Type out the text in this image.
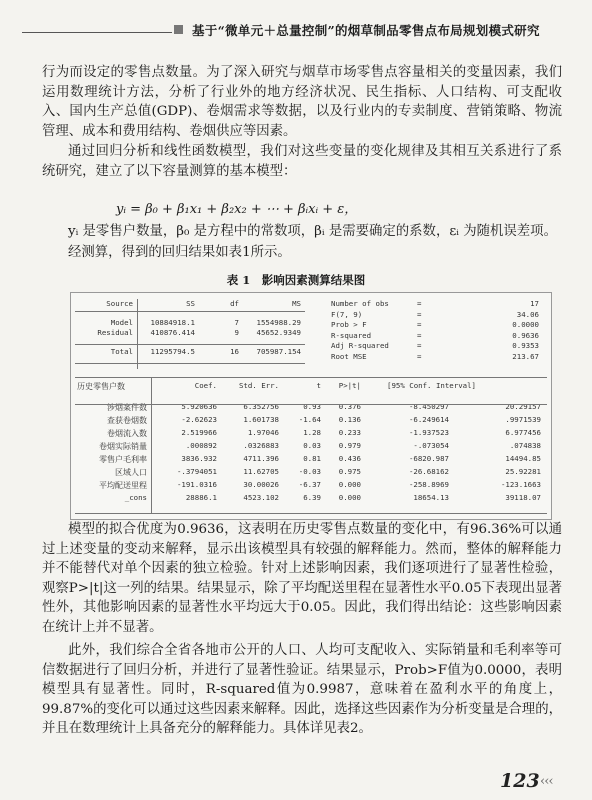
基于“微单元＋总量控制”的烟草制品零售点布局规划模式研究

行为而设定的零售点数量。为了深入研究与烟草市场零售点容量相关的变量因素，我们运用数理统计方法，分析了行业外的地方经济状况、民生指标、人口结构、可支配收入、国内生产总值(GDP)、卷烟需求等数据，以及行业内的专卖制度、营销策略、物流管理、成本和费用结构、卷烟供应等因素。

通过回归分析和线性函数模型，我们对这些变量的变化规律及其相互关系进行了系统研究，建立了以下容量测算的基本模型：

yᵢ = β₀ + β₁x₁ + β₂x₂ + ⋯ + βᵢxᵢ + ε，

yᵢ 是零售户数量，β₀ 是方程中的常数项，βᵢ 是需要确定的系数，εᵢ 为随机误差项。

经测算，得到的回归结果如表1所示。

表 1　影响因素测算结果图
Source	SS	df	MS
Model	10884918.1	7	1554988.29
Residual	410876.414	9	45652.9349
Total	11295794.5	16	705987.154
Number of obs	=	17
F(7, 9)	=	34.06
Prob > F	=	0.0000
R-squared	=	0.9636
Adj R-squared	=	0.9353
Root MSE	=	213.67
历史零售户数	Coef.	Std. Err.	t	P>|t|	[95% Conf. Interval]
涉烟案件数	5.920636	6.352756	0.93	0.376	-8.450297	20.29157
查获卷烟数	-2.62623	1.601738	-1.64	0.136	-6.249614	.9971539
卷烟流入数	2.519966	1.97046	1.28	0.233	-1.937523	6.977456
卷烟实际销量	.000892	.0326883	0.03	0.979	-.073054	.074838
零售户毛利率	3836.932	4711.396	0.81	0.436	-6820.987	14494.85
区域人口	-.3794051	11.62705	-0.03	0.975	-26.68162	25.92281
平均配送里程	-191.0316	30.00026	-6.37	0.000	-258.8969	-123.1663
_cons	28886.1	4523.102	6.39	0.000	18654.13	39118.07

模型的拟合优度为0.9636，这表明在历史零售点数量的变化中，有96.36%可以通过上述变量的变动来解释，显示出该模型具有较强的解释能力。然而，整体的解释能力并不能替代对单个因素的独立检验。针对上述影响因素，我们逐项进行了显著性检验，观察P>|t|这一列的结果。结果显示，除了平均配送里程在显著性水平0.05下表现出显著性外，其他影响因素的显著性水平均远大于0.05。因此，我们得出结论：这些影响因素在统计上并不显著。

此外，我们综合全省各地市公开的人口、人均可支配收入、实际销量和毛利率等可信数据进行了回归分析，并进行了显著性验证。结果显示，Prob>F值为0.0000，表明模型具有显著性。同时，R-squared值为0.9987，意味着在盈利水平的角度上，99.87%的变化可以通过这些因素来解释。因此，选择这些因素作为分析变量是合理的，并且在数理统计上具备充分的解释能力。具体详见表2。

123 ‹‹‹
